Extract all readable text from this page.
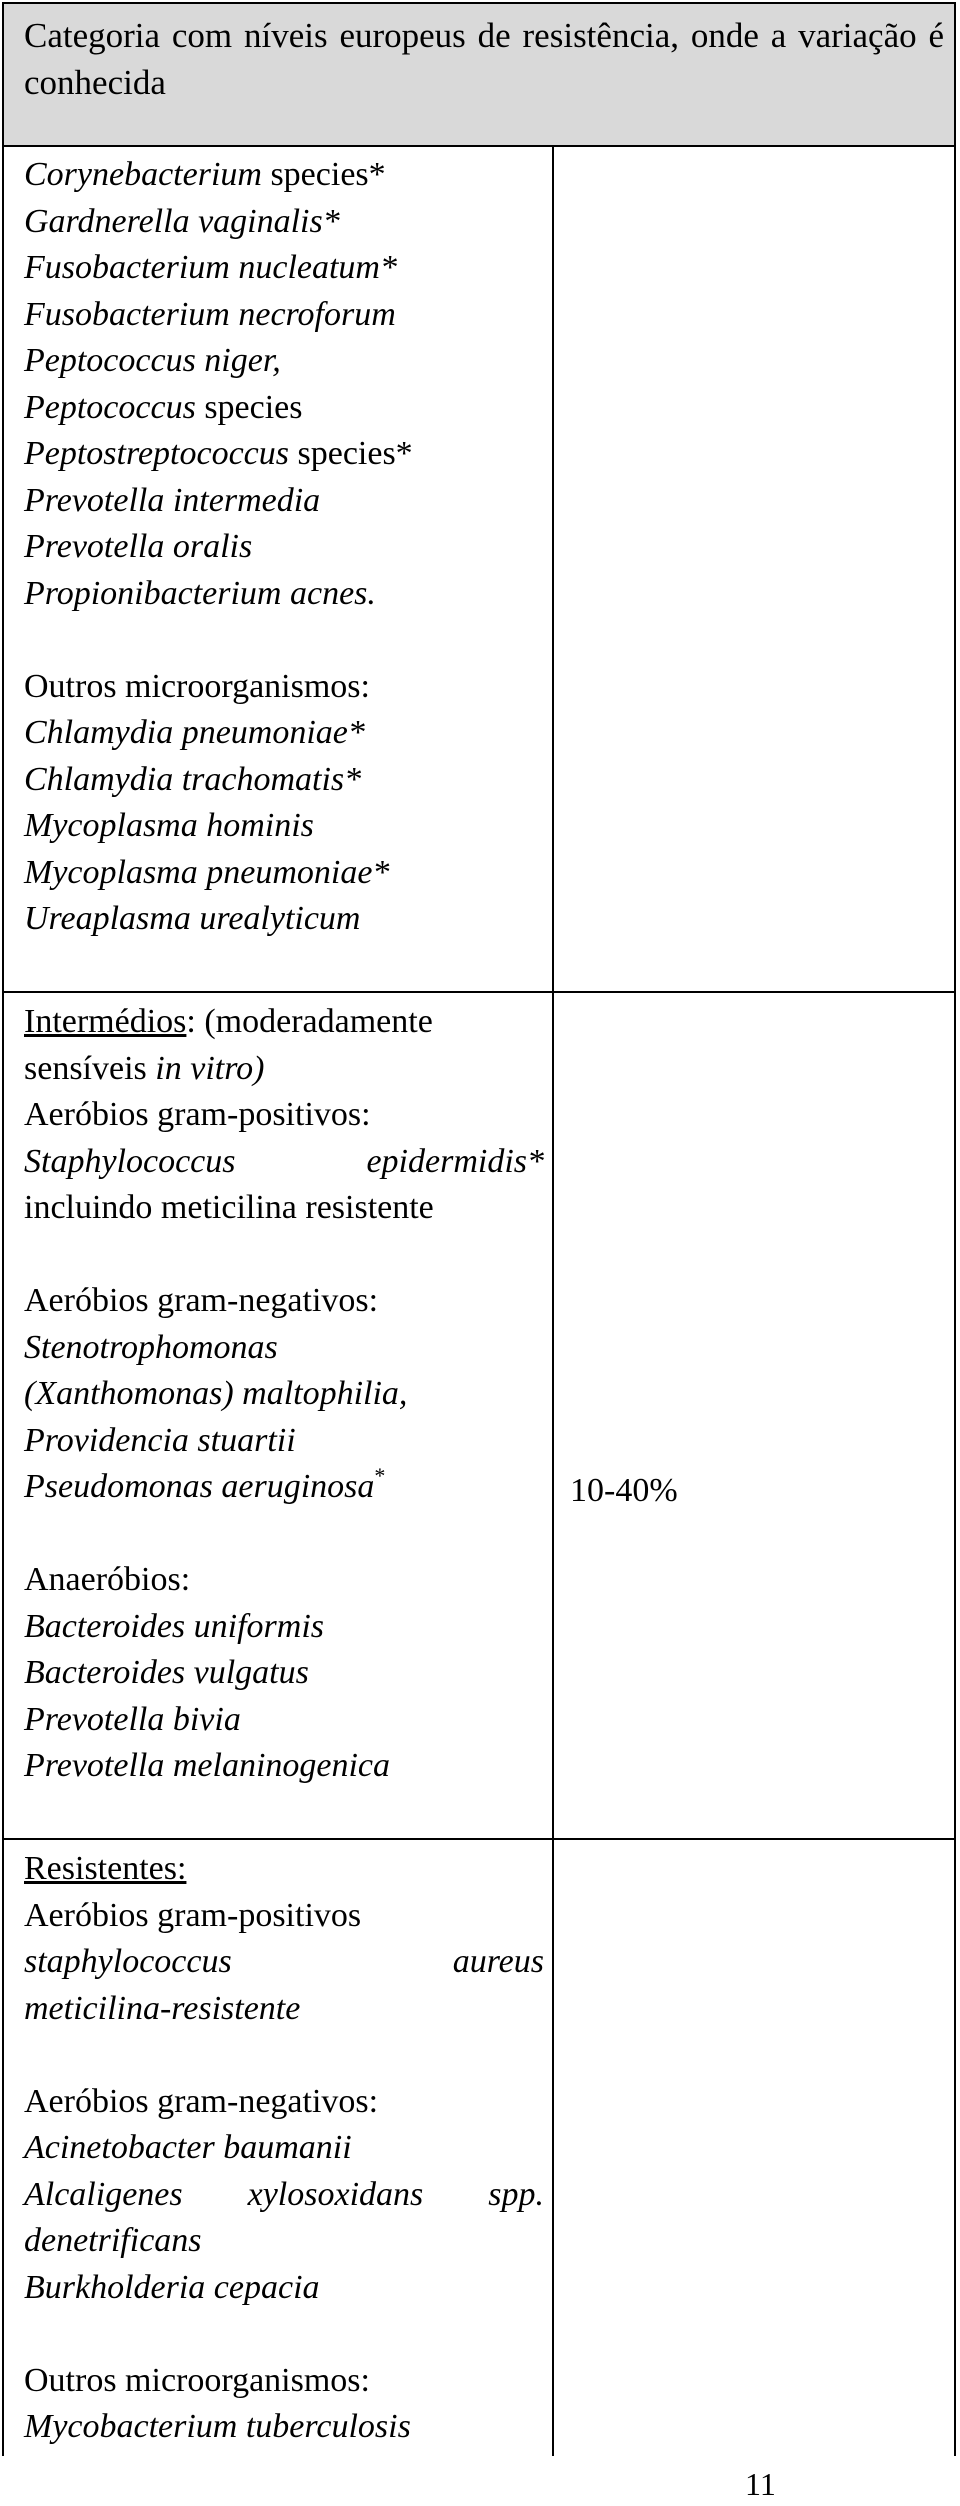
Categoria com níveis europeus de resistência, onde a variação é conhecida
Corynebacterium species*
Gardnerella vaginalis*
Fusobacterium nucleatum*
Fusobacterium necroforum
Peptococcus niger,
Peptococcus species
Peptostreptococcus species*
Prevotella intermedia
Prevotella oralis
Propionibacterium acnes.
Outros microorganismos:
Chlamydia pneumoniae*
Chlamydia trachomatis*
Mycoplasma hominis
Mycoplasma pneumoniae*
Ureaplasma urealyticum
Intermédios: (moderadamente
sensíveis in vitro)
Aeróbios gram-positivos:
Staphylococcus	epidermidis*
incluindo meticilina resistente
Aeróbios gram-negativos:
Stenotrophomonas
(Xanthomonas) maltophilia,
Providencia stuartii
Pseudomonas aeruginosa*
Anaeróbios:
Bacteroides uniformis
Bacteroides vulgatus
Prevotella bivia
Prevotella melaninogenica
Resistentes:
Aeróbios gram-positivos
staphylococcus	aureus
meticilina-resistente
Aeróbios gram-negativos:
Acinetobacter baumanii
Alcaligenes xylosoxidans spp.
denetrificans
Burkholderia cepacia
Outros microorganismos:
Mycobacterium tuberculosis
10-40%
11
